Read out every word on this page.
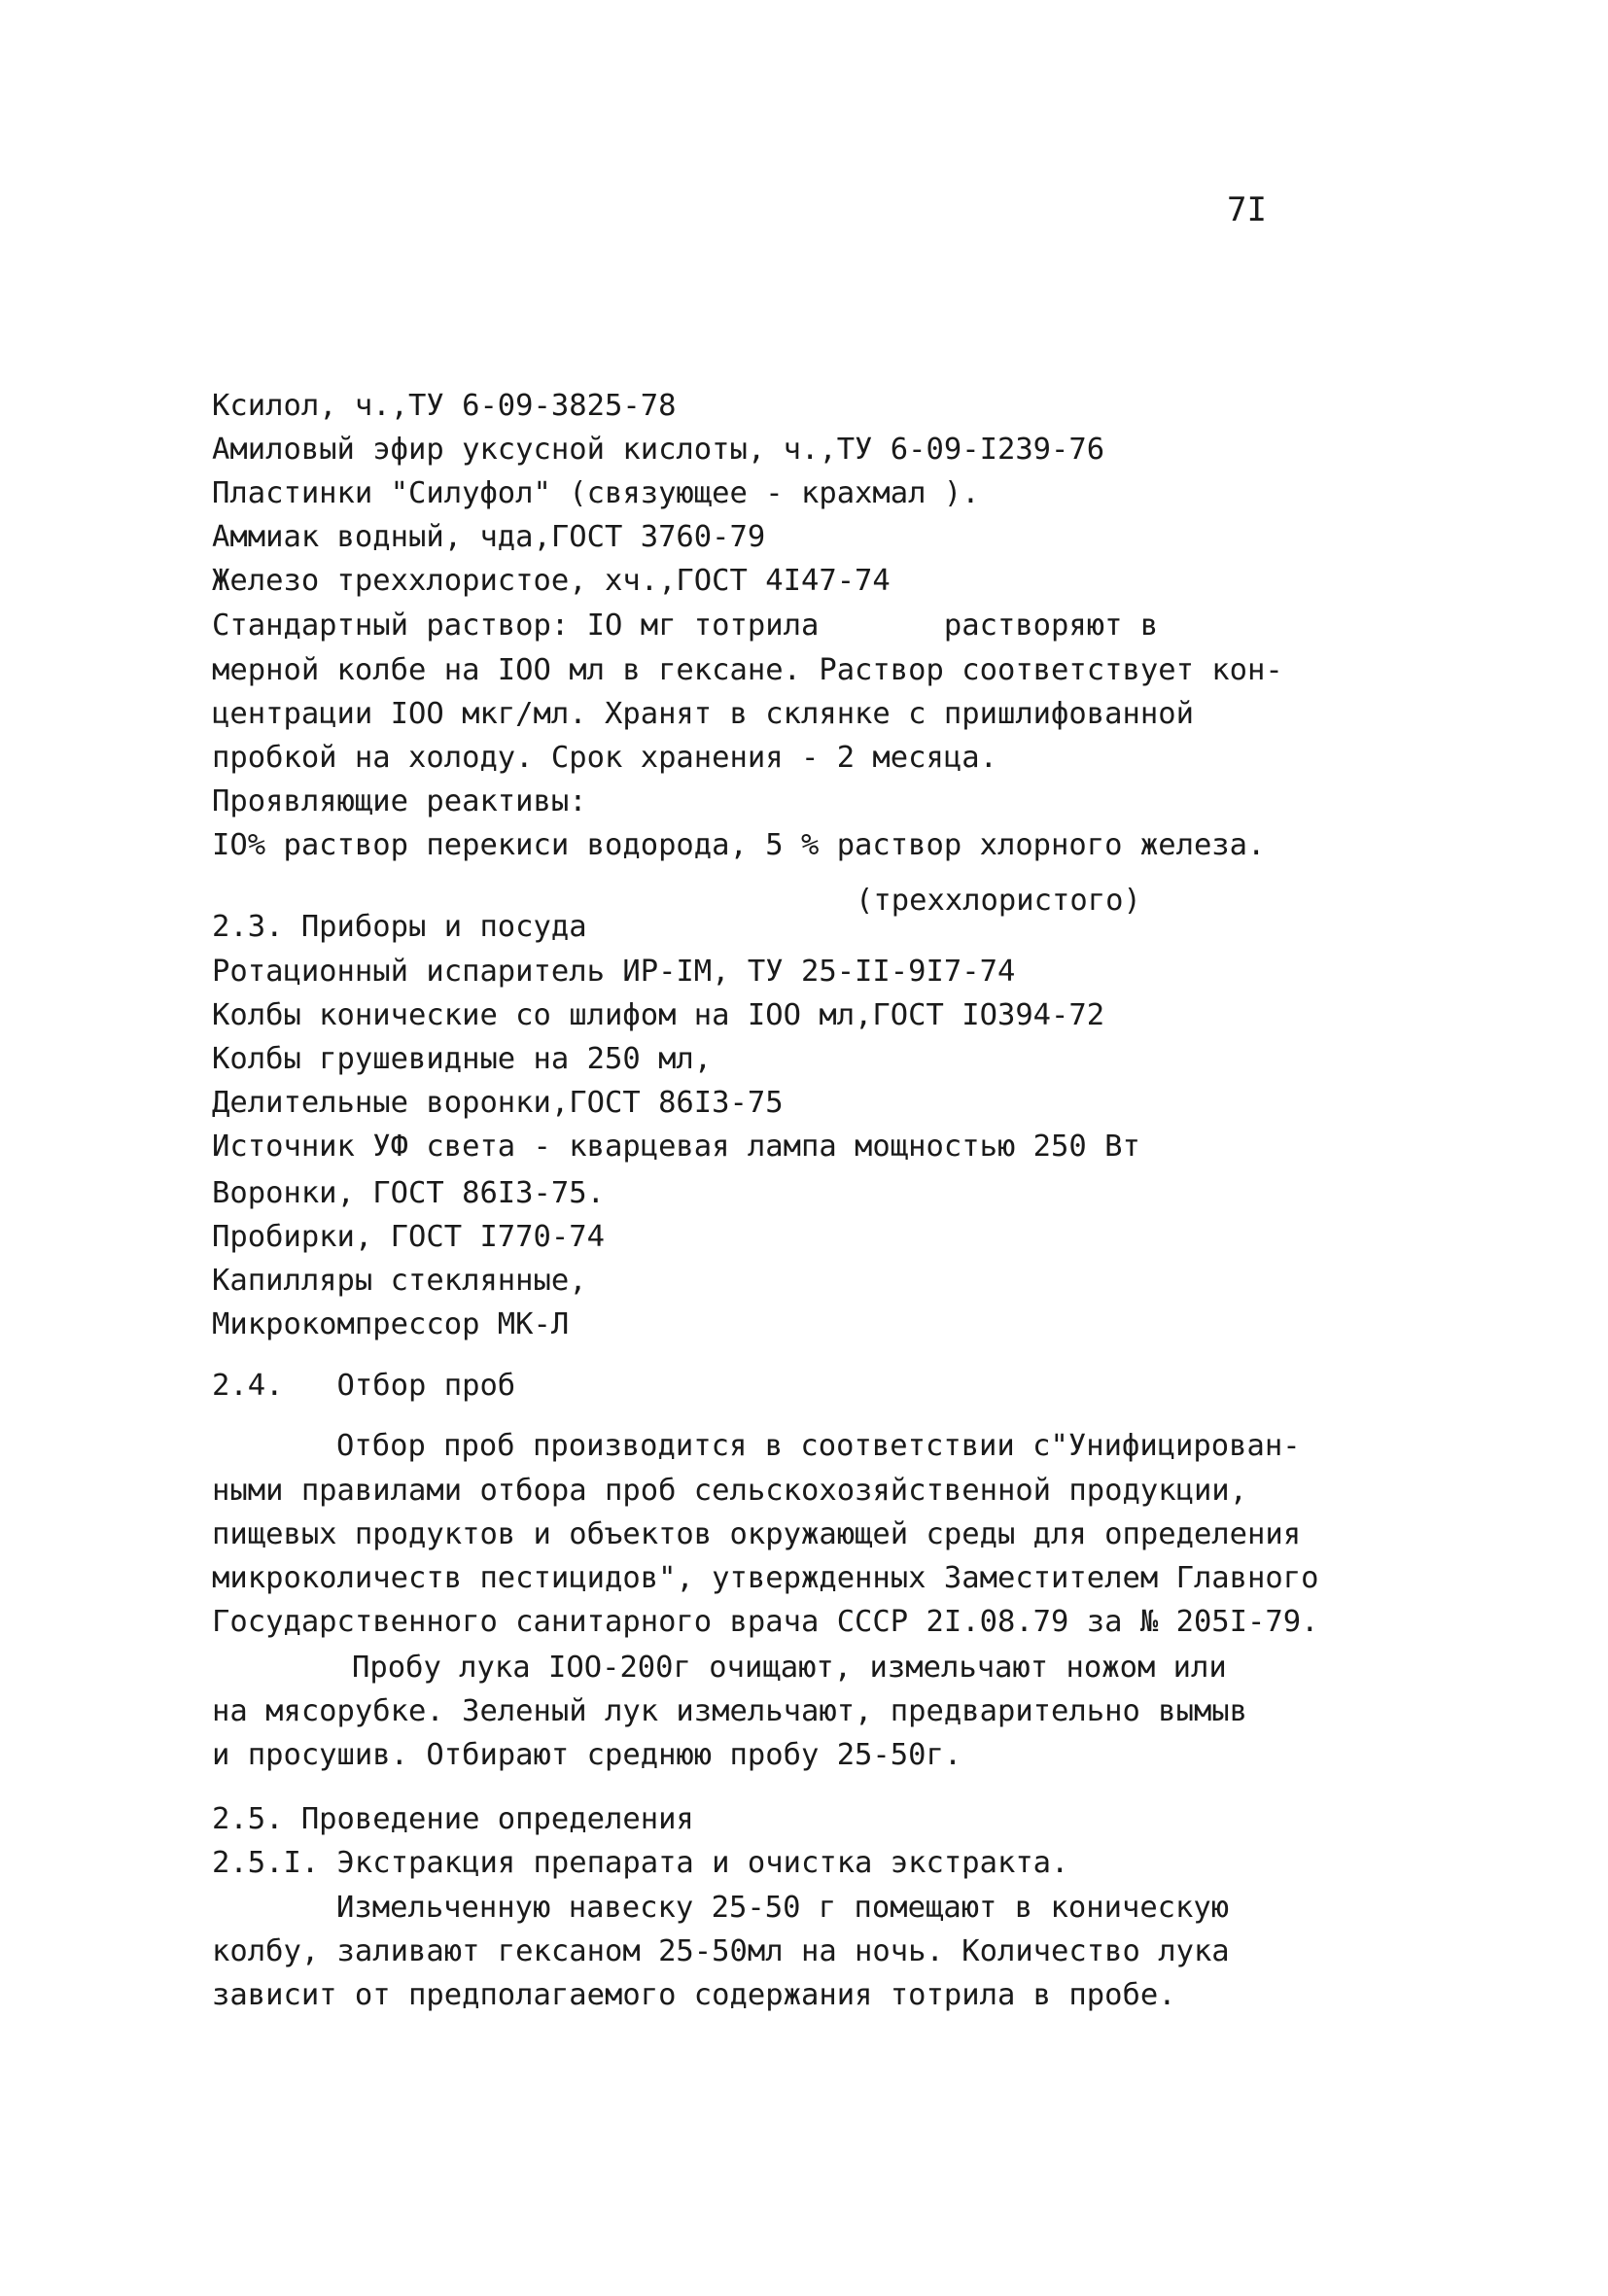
7I
Ксилол, ч.,ТУ 6-09-3825-78
Амиловый эфир уксусной кислоты, ч.,ТУ 6-09-I239-76
Пластинки "Силуфол" (связующее - крахмал ).
Аммиак водный, чда,ГОСТ 3760-79
Железо треххлористое, хч.,ГОСТ 4I47-74
Стандартный раствор: IO мг тотрила       растворяют в
мерной колбе на IOO мл в гексане. Раствор соответствует кон-
центрации IOO мкг/мл. Хранят в склянке с пришлифованной
пробкой на холоду. Срок хранения - 2 месяца.
Проявляющие реактивы:
IO% раствор перекиси водорода, 5 % раствор хлорного железа.
(треххлористого)
2.3. Приборы и посуда
Ротационный испаритель ИР-IМ, ТУ 25-II-9I7-74
Колбы конические со шлифом на IOO мл,ГОСТ IO394-72
Колбы грушевидные на 250 мл,
Делительные воронки,ГОСТ 86I3-75
Источник УФ света - кварцевая лампа мощностью 250 Вт
Воронки, ГОСТ 86I3-75.
Пробирки, ГОСТ I770-74
Капилляры стеклянные,
Микрокомпрессор МК-Л
2.4.   Отбор проб
Отбор проб производится в соответствии с"Унифицирован-
ными правилами отбора проб сельскохозяйственной продукции,
пищевых продуктов и объектов окружающей среды для определения
микроколичеств пестицидов", утвержденных Заместителем Главного
Государственного санитарного врача СССР 2I.08.79 за № 205I-79.
Пробу лука IOO-200г очищают, измельчают ножом или
на мясорубке. Зеленый лук измельчают, предварительно вымыв
и просушив. Отбирают среднюю пробу 25-50г.
2.5. Проведение определения
2.5.I. Экстракция препарата и очистка экстракта.
Измельченную навеску 25-50 г помещают в коническую
колбу, заливают гексаном 25-50мл на ночь. Количество лука
зависит от предполагаемого содержания тотрила в пробе.
